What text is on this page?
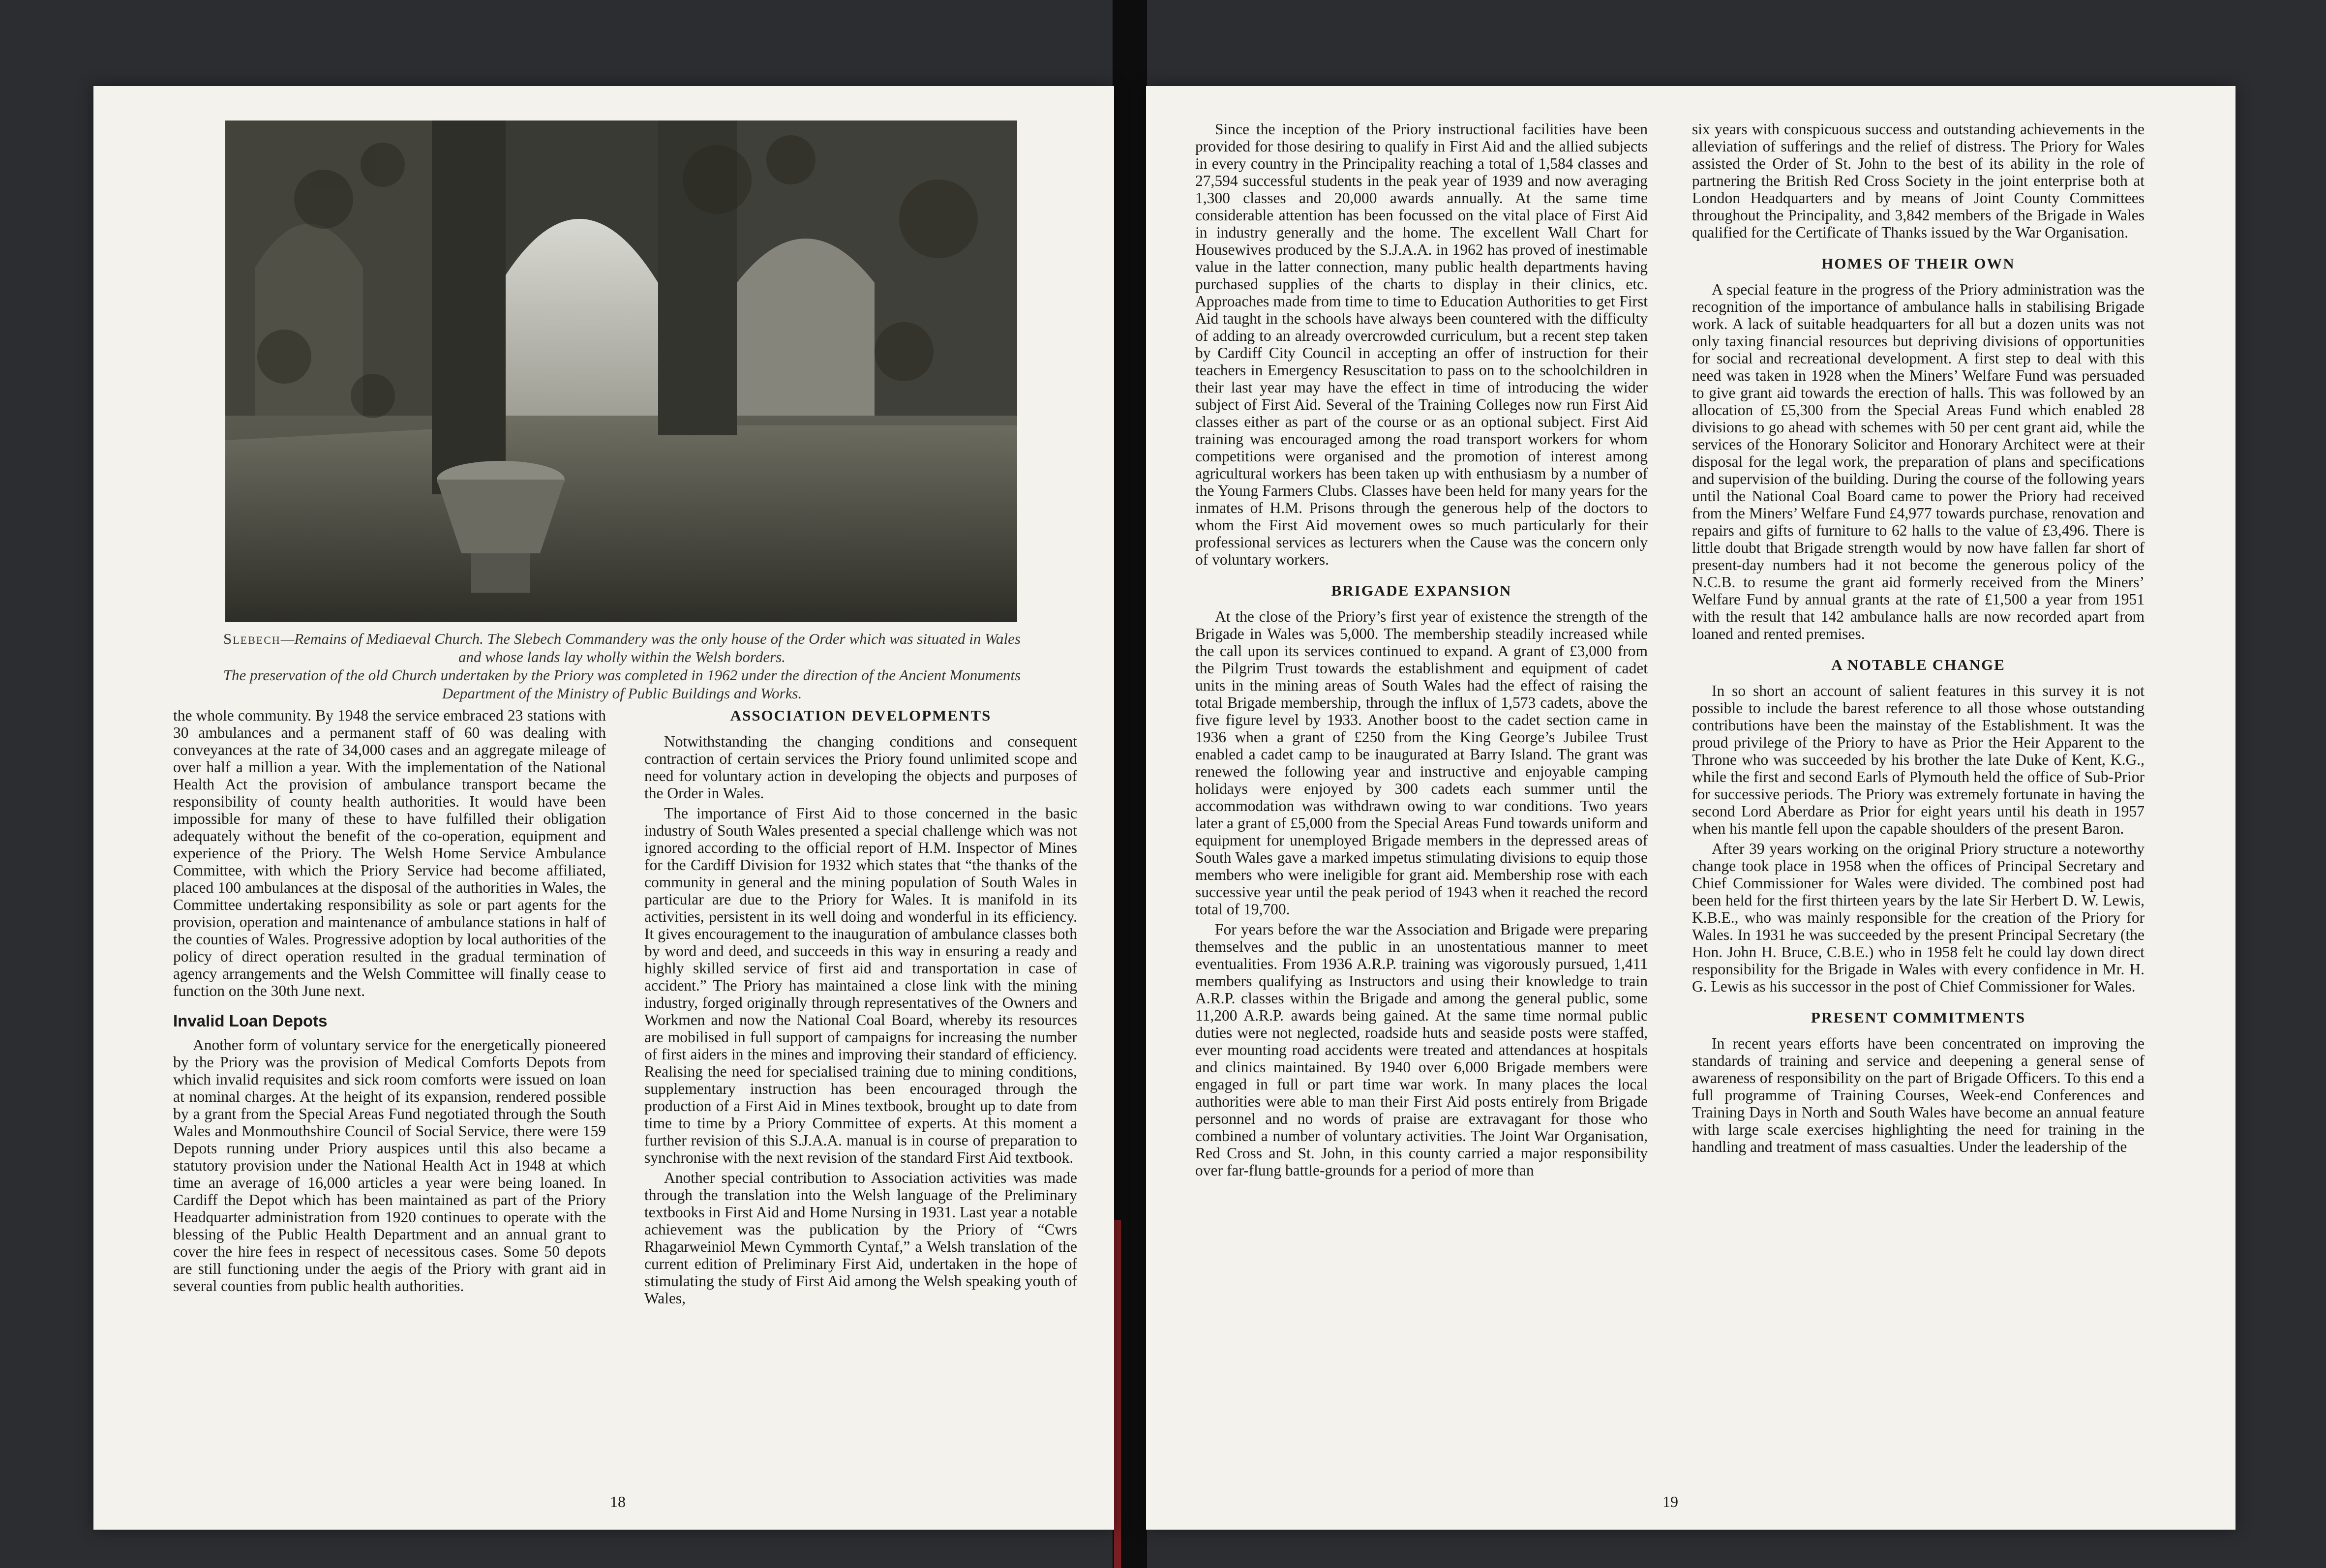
Slebech—Remains of Mediaeval Church. The Slebech Commandery was the only house of the Order which was situated in Wales and whose lands lay wholly within the Welsh borders.
The preservation of the old Church undertaken by the Priory was completed in 1962 under the direction of the Ancient Monuments Department of the Ministry of Public Buildings and Works.

the whole community. By 1948 the service embraced 23 stations with 30 ambulances and a permanent staff of 60 was dealing with conveyances at the rate of 34,000 cases and an aggregate mileage of over half a million a year. With the implementation of the National Health Act the provision of ambulance transport became the responsibility of county health authorities. It would have been impossible for many of these to have fulfilled their obligation adequately without the benefit of the co-operation, equipment and experience of the Priory. The Welsh Home Service Ambulance Committee, with which the Priory Service had become affiliated, placed 100 ambulances at the disposal of the authorities in Wales, the Committee undertaking responsibility as sole or part agents for the provision, operation and maintenance of ambulance stations in half of the counties of Wales. Progressive adoption by local authorities of the policy of direct operation resulted in the gradual termination of agency arrangements and the Welsh Committee will finally cease to function on the 30th June next.

Invalid Loan Depots

Another form of voluntary service for the energetically pioneered by the Priory was the provision of Medical Comforts Depots from which invalid requisites and sick room comforts were issued on loan at nominal charges. At the height of its expansion, rendered possible by a grant from the Special Areas Fund negotiated through the South Wales and Monmouthshire Council of Social Service, there were 159 Depots running under Priory auspices until this also became a statutory provision under the National Health Act in 1948 at which time an average of 16,000 articles a year were being loaned. In Cardiff the Depot which has been maintained as part of the Priory Headquarter administration from 1920 continues to operate with the blessing of the Public Health Department and an annual grant to cover the hire fees in respect of necessitous cases. Some 50 depots are still functioning under the aegis of the Priory with grant aid in several counties from public health authorities.

ASSOCIATION DEVELOPMENTS

Notwithstanding the changing conditions and consequent contraction of certain services the Priory found unlimited scope and need for voluntary action in developing the objects and purposes of the Order in Wales.

The importance of First Aid to those concerned in the basic industry of South Wales presented a special challenge which was not ignored according to the official report of H.M. Inspector of Mines for the Cardiff Division for 1932 which states that “the thanks of the community in general and the mining population of South Wales in particular are due to the Priory for Wales. It is manifold in its activities, persistent in its well doing and wonderful in its efficiency. It gives encouragement to the inauguration of ambulance classes both by word and deed, and succeeds in this way in ensuring a ready and highly skilled service of first aid and transportation in case of accident.” The Priory has maintained a close link with the mining industry, forged originally through representatives of the Owners and Workmen and now the National Coal Board, whereby its resources are mobilised in full support of campaigns for increasing the number of first aiders in the mines and improving their standard of efficiency. Realising the need for specialised training due to mining conditions, supplementary instruction has been encouraged through the production of a First Aid in Mines textbook, brought up to date from time to time by a Priory Committee of experts. At this moment a further revision of this S.J.A.A. manual is in course of preparation to synchronise with the next revision of the standard First Aid textbook.

Another special contribution to Association activities was made through the translation into the Welsh language of the Preliminary textbooks in First Aid and Home Nursing in 1931. Last year a notable achievement was the publication by the Priory of “Cwrs Rhagarweiniol Mewn Cymmorth Cyntaf,” a Welsh translation of the current edition of Preliminary First Aid, undertaken in the hope of stimulating the study of First Aid among the Welsh speaking youth of Wales,

18

Since the inception of the Priory instructional facilities have been provided for those desiring to qualify in First Aid and the allied subjects in every country in the Principality reaching a total of 1,584 classes and 27,594 successful students in the peak year of 1939 and now averaging 1,300 classes and 20,000 awards annually. At the same time considerable attention has been focussed on the vital place of First Aid in industry generally and the home. The excellent Wall Chart for Housewives produced by the S.J.A.A. in 1962 has proved of inestimable value in the latter connection, many public health departments having purchased supplies of the charts to display in their clinics, etc. Approaches made from time to time to Education Authorities to get First Aid taught in the schools have always been countered with the difficulty of adding to an already overcrowded curriculum, but a recent step taken by Cardiff City Council in accepting an offer of instruction for their teachers in Emergency Resuscitation to pass on to the schoolchildren in their last year may have the effect in time of introducing the wider subject of First Aid. Several of the Training Colleges now run First Aid classes either as part of the course or as an optional subject. First Aid training was encouraged among the road transport workers for whom competitions were organised and the promotion of interest among agricultural workers has been taken up with enthusiasm by a number of the Young Farmers Clubs. Classes have been held for many years for the inmates of H.M. Prisons through the generous help of the doctors to whom the First Aid movement owes so much particularly for their professional services as lecturers when the Cause was the concern only of voluntary workers.

BRIGADE EXPANSION

At the close of the Priory’s first year of existence the strength of the Brigade in Wales was 5,000. The membership steadily increased while the call upon its services continued to expand. A grant of £3,000 from the Pilgrim Trust towards the establishment and equipment of cadet units in the mining areas of South Wales had the effect of raising the total Brigade membership, through the influx of 1,573 cadets, above the five figure level by 1933. Another boost to the cadet section came in 1936 when a grant of £250 from the King George’s Jubilee Trust enabled a cadet camp to be inaugurated at Barry Island. The grant was renewed the following year and instructive and enjoyable camping holidays were enjoyed by 300 cadets each summer until the accommodation was withdrawn owing to war conditions. Two years later a grant of £5,000 from the Special Areas Fund towards uniform and equipment for unemployed Brigade members in the depressed areas of South Wales gave a marked impetus stimulating divisions to equip those members who were ineligible for grant aid. Membership rose with each successive year until the peak period of 1943 when it reached the record total of 19,700.

For years before the war the Association and Brigade were preparing themselves and the public in an unostentatious manner to meet eventualities. From 1936 A.R.P. training was vigorously pursued, 1,411 members qualifying as Instructors and using their knowledge to train A.R.P. classes within the Brigade and among the general public, some 11,200 A.R.P. awards being gained. At the same time normal public duties were not neglected, roadside huts and seaside posts were staffed, ever mounting road accidents were treated and attendances at hospitals and clinics maintained. By 1940 over 6,000 Brigade members were engaged in full or part time war work. In many places the local authorities were able to man their First Aid posts entirely from Brigade personnel and no words of praise are extravagant for those who combined a number of voluntary activities. The Joint War Organisation, Red Cross and St. John, in this county carried a major responsibility over far-flung battle-grounds for a period of more than

six years with conspicuous success and outstanding achievements in the alleviation of sufferings and the relief of distress. The Priory for Wales assisted the Order of St. John to the best of its ability in the role of partnering the British Red Cross Society in the joint enterprise both at London Headquarters and by means of Joint County Committees throughout the Principality, and 3,842 members of the Brigade in Wales qualified for the Certificate of Thanks issued by the War Organisation.

HOMES OF THEIR OWN

A special feature in the progress of the Priory administration was the recognition of the importance of ambulance halls in stabilising Brigade work. A lack of suitable headquarters for all but a dozen units was not only taxing financial resources but depriving divisions of opportunities for social and recreational development. A first step to deal with this need was taken in 1928 when the Miners’ Welfare Fund was persuaded to give grant aid towards the erection of halls. This was followed by an allocation of £5,300 from the Special Areas Fund which enabled 28 divisions to go ahead with schemes with 50 per cent grant aid, while the services of the Honorary Solicitor and Honorary Architect were at their disposal for the legal work, the preparation of plans and specifications and supervision of the building. During the course of the following years until the National Coal Board came to power the Priory had received from the Miners’ Welfare Fund £4,977 towards purchase, renovation and repairs and gifts of furniture to 62 halls to the value of £3,496. There is little doubt that Brigade strength would by now have fallen far short of present-day numbers had it not become the generous policy of the N.C.B. to resume the grant aid formerly received from the Miners’ Welfare Fund by annual grants at the rate of £1,500 a year from 1951 with the result that 142 ambulance halls are now recorded apart from loaned and rented premises.

A NOTABLE CHANGE

In so short an account of salient features in this survey it is not possible to include the barest reference to all those whose outstanding contributions have been the mainstay of the Establishment. It was the proud privilege of the Priory to have as Prior the Heir Apparent to the Throne who was succeeded by his brother the late Duke of Kent, K.G., while the first and second Earls of Plymouth held the office of Sub-Prior for successive periods. The Priory was extremely fortunate in having the second Lord Aberdare as Prior for eight years until his death in 1957 when his mantle fell upon the capable shoulders of the present Baron.

After 39 years working on the original Priory structure a noteworthy change took place in 1958 when the offices of Principal Secretary and Chief Commissioner for Wales were divided. The combined post had been held for the first thirteen years by the late Sir Herbert D. W. Lewis, K.B.E., who was mainly responsible for the creation of the Priory for Wales. In 1931 he was succeeded by the present Principal Secretary (the Hon. John H. Bruce, C.B.E.) who in 1958 felt he could lay down direct responsibility for the Brigade in Wales with every confidence in Mr. H. G. Lewis as his successor in the post of Chief Commissioner for Wales.

PRESENT COMMITMENTS

In recent years efforts have been concentrated on improving the standards of training and service and deepening a general sense of awareness of responsibility on the part of Brigade Officers. To this end a full programme of Training Courses, Week-end Conferences and Training Days in North and South Wales have become an annual feature with large scale exercises highlighting the need for training in the handling and treatment of mass casualties. Under the leadership of the

19
